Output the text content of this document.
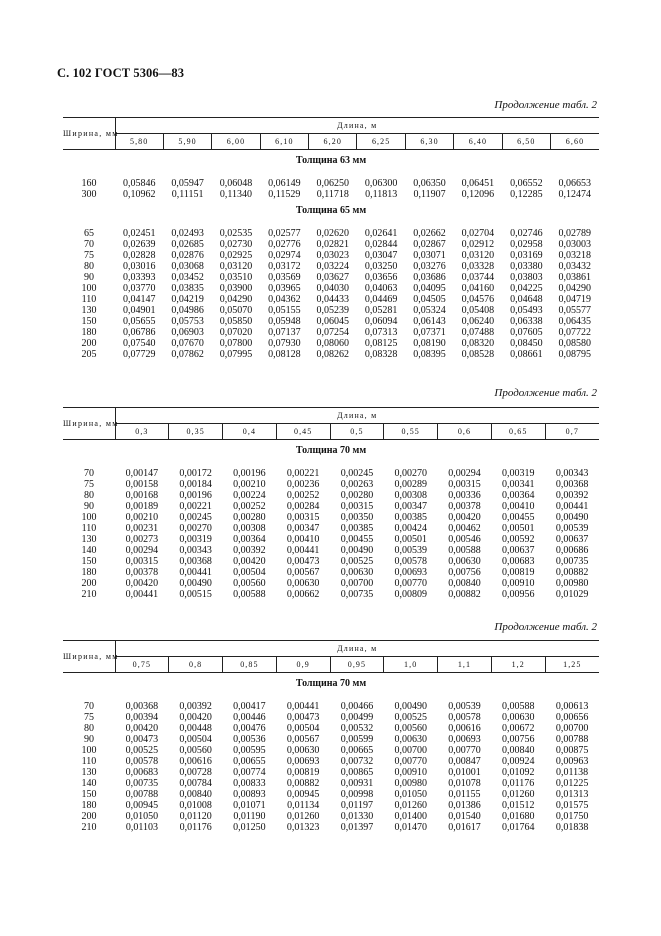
С. 102 ГОСТ 5306—83
Продолжение табл. 2
Ширина, мм	Длина, м									
	5,80	5,90	6,00	6,10	6,20	6,25	6,30	6,40	6,50	6,60
Толщина 63 мм										

160	0,05846	0,05947	0,06048	0,06149	0,06250	0,06300	0,06350	0,06451	0,06552	0,06653
300	0,10962	0,11151	0,11340	0,11529	0,11718	0,11813	0,11907	0,12096	0,12285	0,12474
Толщина 65 мм										

65	0,02451	0,02493	0,02535	0,02577	0,02620	0,02641	0,02662	0,02704	0,02746	0,02789
70	0,02639	0,02685	0,02730	0,02776	0,02821	0,02844	0,02867	0,02912	0,02958	0,03003
75	0,02828	0,02876	0,02925	0,02974	0,03023	0,03047	0,03071	0,03120	0,03169	0,03218
80	0,03016	0,03068	0,03120	0,03172	0,03224	0,03250	0,03276	0,03328	0,03380	0,03432
90	0,03393	0,03452	0,03510	0,03569	0,03627	0,03656	0,03686	0,03744	0,03803	0,03861
100	0,03770	0,03835	0,03900	0,03965	0,04030	0,04063	0,04095	0,04160	0,04225	0,04290
110	0,04147	0,04219	0,04290	0,04362	0,04433	0,04469	0,04505	0,04576	0,04648	0,04719
130	0,04901	0,04986	0,05070	0,05155	0,05239	0,05281	0,05324	0,05408	0,05493	0,05577
150	0,05655	0,05753	0,05850	0,05948	0,06045	0,06094	0,06143	0,06240	0,06338	0,06435
180	0,06786	0,06903	0,07020	0,07137	0,07254	0,07313	0,07371	0,07488	0,07605	0,07722
200	0,07540	0,07670	0,07800	0,07930	0,08060	0,08125	0,08190	0,08320	0,08450	0,08580
205	0,07729	0,07862	0,07995	0,08128	0,08262	0,08328	0,08395	0,08528	0,08661	0,08795
Продолжение табл. 2
Ширина, мм	Длина, м								
	0,3	0,35	0,4	0,45	0,5	0,55	0,6	0,65	0,7
Толщина 70 мм									

70	0,00147	0,00172	0,00196	0,00221	0,00245	0,00270	0,00294	0,00319	0,00343
75	0,00158	0,00184	0,00210	0,00236	0,00263	0,00289	0,00315	0,00341	0,00368
80	0,00168	0,00196	0,00224	0,00252	0,00280	0,00308	0,00336	0,00364	0,00392
90	0,00189	0,00221	0,00252	0,00284	0,00315	0,00347	0,00378	0,00410	0,00441
100	0,00210	0,00245	0,00280	0,00315	0,00350	0,00385	0,00420	0,00455	0,00490
110	0,00231	0,00270	0,00308	0,00347	0,00385	0,00424	0,00462	0,00501	0,00539
130	0,00273	0,00319	0,00364	0,00410	0,00455	0,00501	0,00546	0,00592	0,00637
140	0,00294	0,00343	0,00392	0,00441	0,00490	0,00539	0,00588	0,00637	0,00686
150	0,00315	0,00368	0,00420	0,00473	0,00525	0,00578	0,00630	0,00683	0,00735
180	0,00378	0,00441	0,00504	0,00567	0,00630	0,00693	0,00756	0,00819	0,00882
200	0,00420	0,00490	0,00560	0,00630	0,00700	0,00770	0,00840	0,00910	0,00980
210	0,00441	0,00515	0,00588	0,00662	0,00735	0,00809	0,00882	0,00956	0,01029
Продолжение табл. 2
Ширина, мм	Длина, м								
	0,75	0,8	0,85	0,9	0,95	1,0	1,1	1,2	1,25
Толщина 70 мм									

70	0,00368	0,00392	0,00417	0,00441	0,00466	0,00490	0,00539	0,00588	0,00613
75	0,00394	0,00420	0,00446	0,00473	0,00499	0,00525	0,00578	0,00630	0,00656
80	0,00420	0,00448	0,00476	0,00504	0,00532	0,00560	0,00616	0,00672	0,00700
90	0,00473	0,00504	0,00536	0,00567	0,00599	0,00630	0,00693	0,00756	0,00788
100	0,00525	0,00560	0,00595	0,00630	0,00665	0,00700	0,00770	0,00840	0,00875
110	0,00578	0,00616	0,00655	0,00693	0,00732	0,00770	0,00847	0,00924	0,00963
130	0,00683	0,00728	0,00774	0,00819	0,00865	0,00910	0,01001	0,01092	0,01138
140	0,00735	0,00784	0,00833	0,00882	0,00931	0,00980	0,01078	0,01176	0,01225
150	0,00788	0,00840	0,00893	0,00945	0,00998	0,01050	0,01155	0,01260	0,01313
180	0,00945	0,01008	0,01071	0,01134	0,01197	0,01260	0,01386	0,01512	0,01575
200	0,01050	0,01120	0,01190	0,01260	0,01330	0,01400	0,01540	0,01680	0,01750
210	0,01103	0,01176	0,01250	0,01323	0,01397	0,01470	0,01617	0,01764	0,01838
